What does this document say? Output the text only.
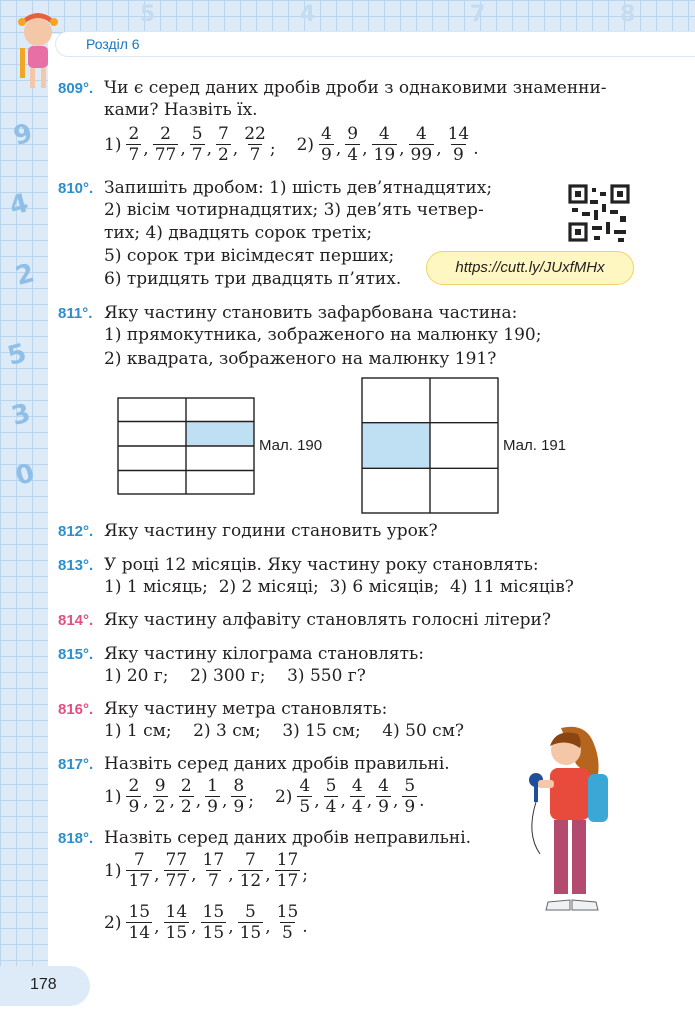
5	4	7	8
9
4
2
5
3
0
Розділ 6
809°. Чи є серед даних дробів дроби з однаковими знаменни-
ками? Назвіть їх.
$1) \frac{2}{7}$ , $\frac{2}{77}$ , $\frac{5}{7}$ , $\frac{7}{2}$ , $\frac{22}{7}$ ; $2) \frac{4}{9}$ , $\frac{9}{4}$ , $\frac{4}{19}$ , $\frac{4}{99}$ , $\frac{14}{9}$ .
810°. Запишіть дробом: 1) шість дев’ятнадцятих;
2) вісім чотирнадцятих; 3) дев’ять четвер-
тих; 4) двадцять сорок третіх;
5) сорок три вісімдесят перших;
6) тридцять три двадцять п’ятих.
https://cutt.ly/JUxfMHx
811°. Яку частину становить зафарбована частина:
1) прямокутника, зображеного на малюнку 190;
2) квадрата, зображеного на малюнку 191?
Мал. 190	Мал. 191
812°. Яку частину години становить урок?
813°. У році 12 місяців. Яку частину року становлять:
1) 1 місяць;  2) 2 місяці;  3) 6 місяців;  4) 11 місяців?
814°. Яку частину алфавіту становлять голосні літери?
815°. Яку частину кілограма становлять:
1) 20 г;    2) 300 г;    3) 550 г?
816°. Яку частину метра становлять:
1) 1 см;    2) 3 см;    3) 15 см;    4) 50 см?
817°. Назвіть серед даних дробів правильні.
$1) \frac{2}{9}$ , $\frac{9}{2}$ , $\frac{2}{2}$ , $\frac{1}{9}$ , $\frac{8}{9}$ ; $2) \frac{4}{5}$ , $\frac{5}{4}$ , $\frac{4}{4}$ , $\frac{4}{9}$ , $\frac{5}{9}$ .
818°. Назвіть серед даних дробів неправильні.
$1) \frac{7}{17}$ , $\frac{77}{77}$ , $\frac{17}{7}$ , $\frac{7}{12}$ , $\frac{17}{17}$ ;
$2) \frac{15}{14}$ , $\frac{14}{15}$ , $\frac{15}{15}$ , $\frac{5}{15}$ , $\frac{15}{5}$ .
178
